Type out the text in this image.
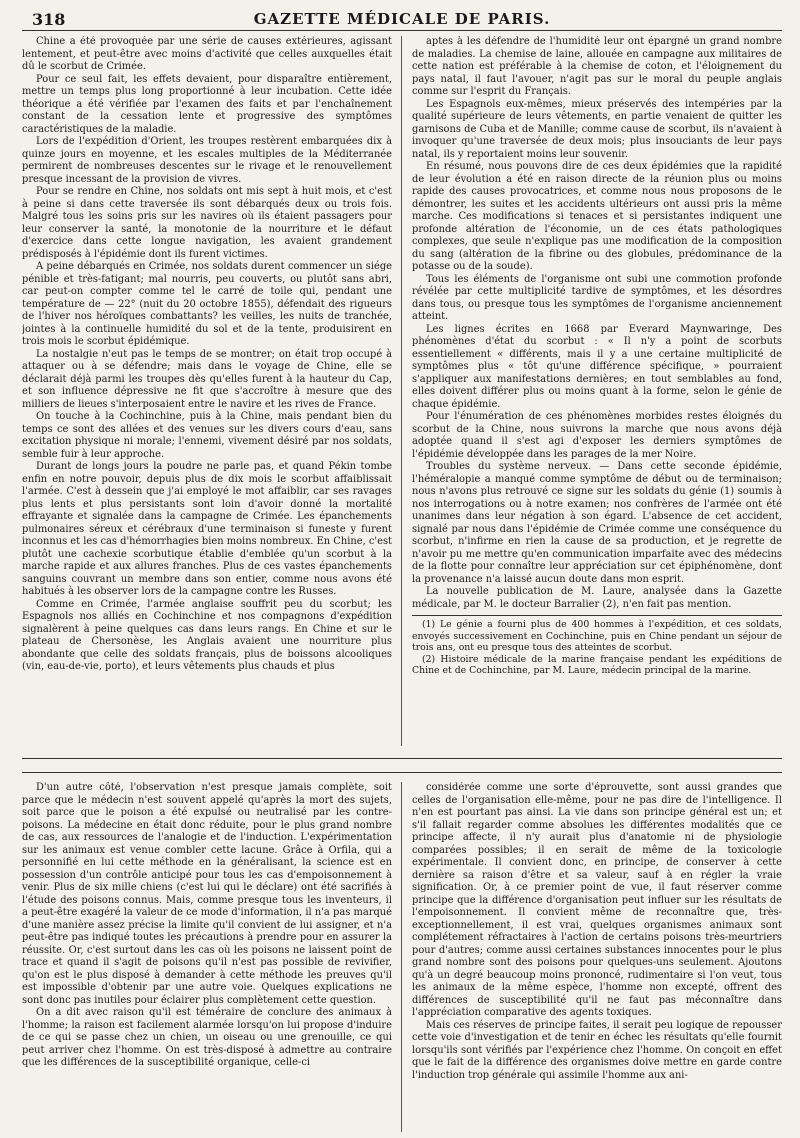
318	GAZETTE MÉDICALE DE PARIS.

Chine a été provoquée par une série de causes extérieures, agissant lentement, et peut-être avec moins d'activité que celles auxquelles était dû le scorbut de Crimée.

Pour ce seul fait, les effets devaient, pour disparaître entièrement, mettre un temps plus long proportionné à leur incubation. Cette idée théorique a été vérifiée par l'examen des faits et par l'enchaînement constant de la cessation lente et progressive des symptômes caractéristiques de la maladie.

Lors de l'expédition d'Orient, les troupes restèrent embarquées dix à quinze jours en moyenne, et les escales multiples de la Méditerranée permirent de nombreuses descentes sur le rivage et le renouvellement presque incessant de la provision de vivres.

Pour se rendre en Chine, nos soldats ont mis sept à huit mois, et c'est à peine si dans cette traversée ils sont débarqués deux ou trois fois. Malgré tous les soins pris sur les navires où ils étaient passagers pour leur conserver la santé, la monotonie de la nourriture et le défaut d'exercice dans cette longue navigation, les avaient grandement prédisposés à l'épidémie dont ils furent victimes.

A peine débarqués en Crimée, nos soldats durent commencer un siége pénible et très-fatigant; mal nourris, peu couverts, ou plutôt sans abri, car peut-on compter comme tel le carré de toile qui, pendant une température de — 22° (nuit du 20 octobre 1855), défendait des rigueurs de l'hiver nos héroïques combattants? les veilles, les nuits de tranchée, jointes à la continuelle humidité du sol et de la tente, produisirent en trois mois le scorbut épidémique.

La nostalgie n'eut pas le temps de se montrer; on était trop occupé à attaquer ou à se défendre; mais dans le voyage de Chine, elle se déclarait déjà parmi les troupes dès qu'elles furent à la hauteur du Cap, et son influence dépressive ne fit que s'accroître à mesure que des milliers de lieues s'interposaient entre le navire et les rives de France.

On touche à la Cochinchine, puis à la Chine, mais pendant bien du temps ce sont des allées et des venues sur les divers cours d'eau, sans excitation physique ni morale; l'ennemi, vivement désiré par nos soldats, semble fuir à leur approche.

Durant de longs jours la poudre ne parle pas, et quand Pékin tombe enfin en notre pouvoir, depuis plus de dix mois le scorbut affaiblissait l'armée. C'est à dessein que j'ai employé le mot affaiblir, car ses ravages plus lents et plus persistants sont loin d'avoir donné la mortalité effrayante et signalée dans la campagne de Crimée. Les épanchements pulmonaires séreux et cérébraux d'une terminaison si funeste y furent inconnus et les cas d'hémorrhagies bien moins nombreux. En Chine, c'est plutôt une cachexie scorbutique établie d'emblée qu'un scorbut à la marche rapide et aux allures franches. Plus de ces vastes épanchements sanguins couvrant un membre dans son entier, comme nous avons été habitués à les observer lors de la campagne contre les Russes.

Comme en Crimée, l'armée anglaise souffrit peu du scorbut; les Espagnols nos alliés en Cochinchine et nos compagnons d'expédition signalèrent à peine quelques cas dans leurs rangs. En Chine et sur le plateau de Chersonèse, les Anglais avaient une nourriture plus abondante que celle des soldats français, plus de boissons alcooliques (vin, eau-de-vie, porto), et leurs vêtements plus chauds et plus

aptes à les défendre de l'humidité leur ont épargné un grand nombre de maladies. La chemise de laine, allouée en campagne aux militaires de cette nation est préférable à la chemise de coton, et l'éloignement du pays natal, il faut l'avouer, n'agit pas sur le moral du peuple anglais comme sur l'esprit du Français.

Les Espagnols eux-mêmes, mieux préservés des intempéries par la qualité supérieure de leurs vêtements, en partie venaient de quitter les garnisons de Cuba et de Manille; comme cause de scorbut, ils n'avaient à invoquer qu'une traversée de deux mois; plus insouciants de leur pays natal, ils y reportaient moins leur souvenir.

En résumé, nous pouvons dire de ces deux épidémies que la rapidité de leur évolution a été en raison directe de la réunion plus ou moins rapide des causes provocatrices, et comme nous nous proposons de le démontrer, les suites et les accidents ultérieurs ont aussi pris la même marche. Ces modifications si tenaces et si persistantes indiquent une profonde altération de l'économie, un de ces états pathologiques complexes, que seule n'explique pas une modification de la composition du sang (altération de la fibrine ou des globules, prédominance de la potasse ou de la soude).

Tous les éléments de l'organisme ont subi une commotion profonde révélée par cette multiplicité tardive de symptômes, et les désordres dans tous, ou presque tous les symptômes de l'organisme anciennement atteint.

Les lignes écrites en 1668 par Everard Maynwaringe, Des phénomènes d'état du scorbut : « Il n'y a point de scorbuts essentiellement « différents, mais il y a une certaine multiplicité de symptômes plus « tôt qu'une différence spécifique, » pourraient s'appliquer aux manifestations dernières; en tout semblables au fond, elles doivent différer plus ou moins quant à la forme, selon le génie de chaque épidémie.

Pour l'énumération de ces phénomènes morbides restes éloignés du scorbut de la Chine, nous suivrons la marche que nous avons déjà adoptée quand il s'est agi d'exposer les derniers symptômes de l'épidémie développée dans les parages de la mer Noire.

Troubles du système nerveux. — Dans cette seconde épidémie, l'héméralopie a manqué comme symptôme de début ou de terminaison; nous n'avons plus retrouvé ce signe sur les soldats du génie (1) soumis à nos interrogations ou à notre examen; nos confrères de l'armée ont été unanimes dans leur négation à son égard. L'absence de cet accident, signalé par nous dans l'épidémie de Crimée comme une conséquence du scorbut, n'infirme en rien la cause de sa production, et je regrette de n'avoir pu me mettre qu'en communication imparfaite avec des médecins de la flotte pour connaître leur appréciation sur cet épiphénomène, dont la provenance n'a laissé aucun doute dans mon esprit.

La nouvelle publication de M. Laure, analysée dans la Gazette médicale, par M. le docteur Barralier (2), n'en fait pas mention.

(1) Le génie a fourni plus de 400 hommes à l'expédition, et ces soldats, envoyés successivement en Cochinchine, puis en Chine pendant un séjour de trois ans, ont eu presque tous des atteintes de scorbut.

(2) Histoire médicale de la marine française pendant les expéditions de Chine et de Cochinchine, par M. Laure, médecin principal de la marine.

D'un autre côté, l'observation n'est presque jamais complète, soit parce que le médecin n'est souvent appelé qu'après la mort des sujets, soit parce que le poison a été expulsé ou neutralisé par les contre-poisons. La médecine en était donc réduite, pour le plus grand nombre de cas, aux ressources de l'analogie et de l'induction. L'expérimentation sur les animaux est venue combler cette lacune. Grâce à Orfila, qui a personnifié en lui cette méthode en la généralisant, la science est en possession d'un contrôle anticipé pour tous les cas d'empoisonnement à venir. Plus de six mille chiens (c'est lui qui le déclare) ont été sacrifiés à l'étude des poisons connus. Mais, comme presque tous les inventeurs, il a peut-être exagéré la valeur de ce mode d'information, il n'a pas marqué d'une manière assez précise la limite qu'il convient de lui assigner, et n'a peut-être pas indiqué toutes les précautions à prendre pour en assurer la réussite. Or, c'est surtout dans les cas où les poisons ne laissent point de trace et quand il s'agit de poisons qu'il n'est pas possible de revivifier, qu'on est le plus disposé à demander à cette méthode les preuves qu'il est impossible d'obtenir par une autre voie. Quelques explications ne sont donc pas inutiles pour éclairer plus complètement cette question.

On a dit avec raison qu'il est téméraire de conclure des animaux à l'homme; la raison est facilement alarmée lorsqu'on lui propose d'induire de ce qui se passe chez un chien, un oiseau ou une grenouille, ce qui peut arriver chez l'homme. On est très-disposé à admettre au contraire que les différences de la susceptibilité organique, celle-ci

considérée comme une sorte d'éprouvette, sont aussi grandes que celles de l'organisation elle-même, pour ne pas dire de l'intelligence. Il n'en est pourtant pas ainsi. La vie dans son principe général est un; et s'il fallait regarder comme absolues les différentes modalités que ce principe affecte, il n'y aurait plus d'anatomie ni de physiologie comparées possibles; il en serait de même de la toxicologie expérimentale. Il convient donc, en principe, de conserver à cette dernière sa raison d'être et sa valeur, sauf à en régler la vraie signification. Or, à ce premier point de vue, il faut réserver comme principe que la différence d'organisation peut influer sur les résultats de l'empoisonnement. Il convient même de reconnaître que, très-exceptionnellement, il est vrai, quelques organismes animaux sont complétement réfractaires à l'action de certains poisons très-meurtriers pour d'autres; comme aussi certaines substances innocentes pour le plus grand nombre sont des poisons pour quelques-uns seulement. Ajoutons qu'à un degré beaucoup moins prononcé, rudimentaire si l'on veut, tous les animaux de la même espèce, l'homme non excepté, offrent des différences de susceptibilité qu'il ne faut pas méconnaître dans l'appréciation comparative des agents toxiques.

Mais ces réserves de principe faites, il serait peu logique de repousser cette voie d'investigation et de tenir en échec les résultats qu'elle fournit lorsqu'ils sont vérifiés par l'expérience chez l'homme. On conçoit en effet que le fait de la différence des organismes doive mettre en garde contre l'induction trop générale qui assimile l'homme aux ani-
